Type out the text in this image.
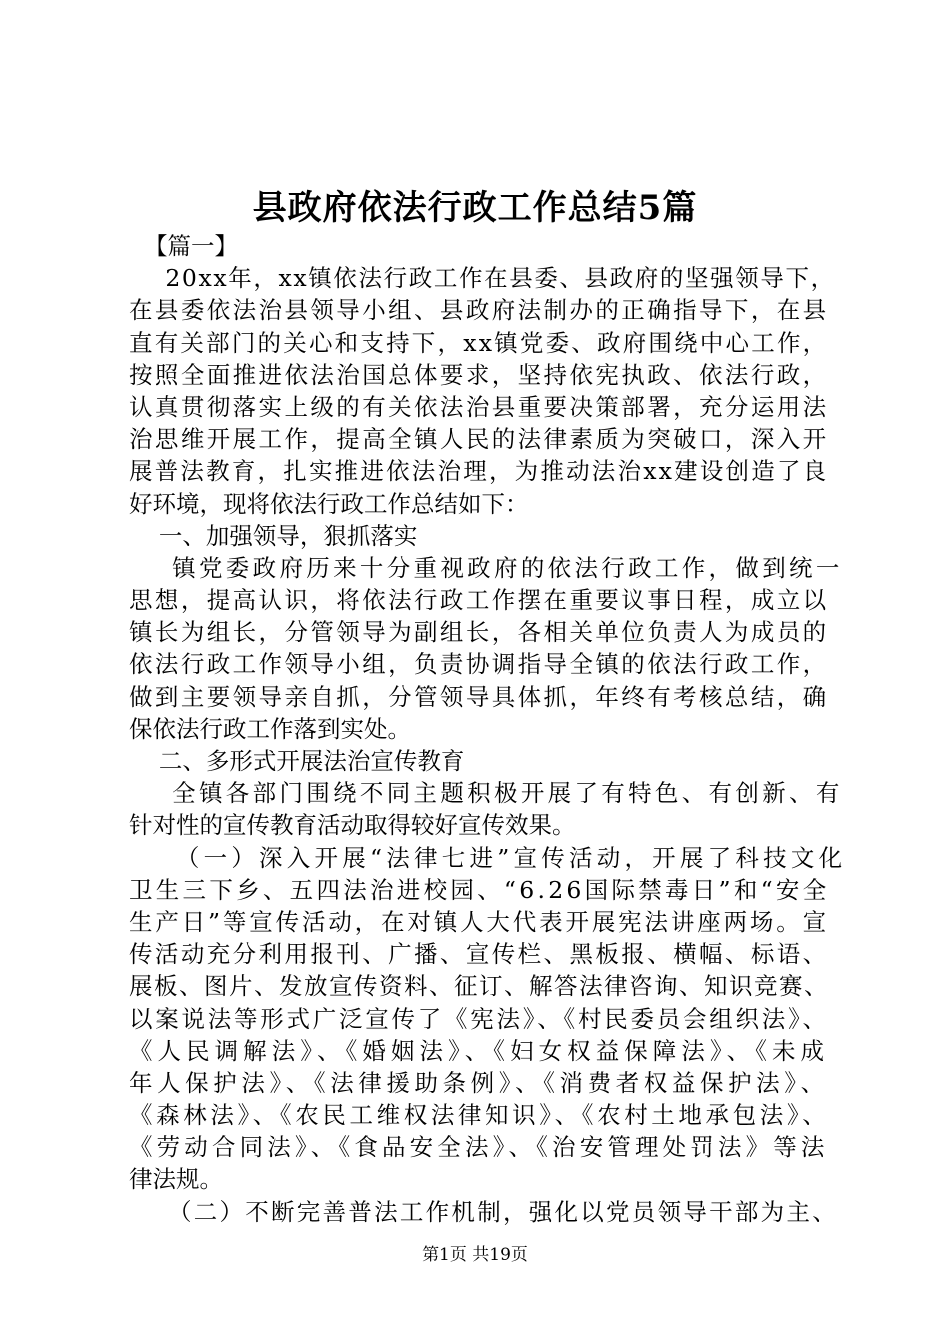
县政府依法行政工作总结5篇
【篇一】
20xx年，xx镇依法行政工作在县委、县政府的坚强领导下，
在县委依法治县领导小组、县政府法制办的正确指导下，在县
直有关部门的关心和支持下，xx镇党委、政府围绕中心工作，
按照全面推进依法治国总体要求，坚持依宪执政、依法行政，
认真贯彻落实上级的有关依法治县重要决策部署，充分运用法
治思维开展工作，提高全镇人民的法律素质为突破口，深入开
展普法教育，扎实推进依法治理，为推动法治xx建设创造了良
好环境，现将依法行政工作总结如下：
一、加强领导，狠抓落实
镇党委政府历来十分重视政府的依法行政工作，做到统一
思想，提高认识，将依法行政工作摆在重要议事日程，成立以
镇长为组长，分管领导为副组长，各相关单位负责人为成员的
依法行政工作领导小组，负责协调指导全镇的依法行政工作，
做到主要领导亲自抓，分管领导具体抓，年终有考核总结，确
保依法行政工作落到实处。
二、多形式开展法治宣传教育
全镇各部门围绕不同主题积极开展了有特色、有创新、有
针对性的宣传教育活动取得较好宣传效果。
（一）深入开展“法律七进”宣传活动，开展了科技文化
卫生三下乡、五四法治进校园、“6.26国际禁毒日”和“安全
生产日”等宣传活动，在对镇人大代表开展宪法讲座两场。宣
传活动充分利用报刊、广播、宣传栏、黑板报、横幅、标语、
展板、图片、发放宣传资料、征订、解答法律咨询、知识竞赛、
以案说法等形式广泛宣传了《宪法》、《村民委员会组织法》、
《人民调解法》、《婚姻法》、《妇女权益保障法》、《未成
年人保护法》、《法律援助条例》、《消费者权益保护法》、
《森林法》、《农民工维权法律知识》、《农村土地承包法》、
《劳动合同法》、《食品安全法》、《治安管理处罚法》等法
律法规。
（二）不断完善普法工作机制，强化以党员领导干部为主、
第1页 共19页
